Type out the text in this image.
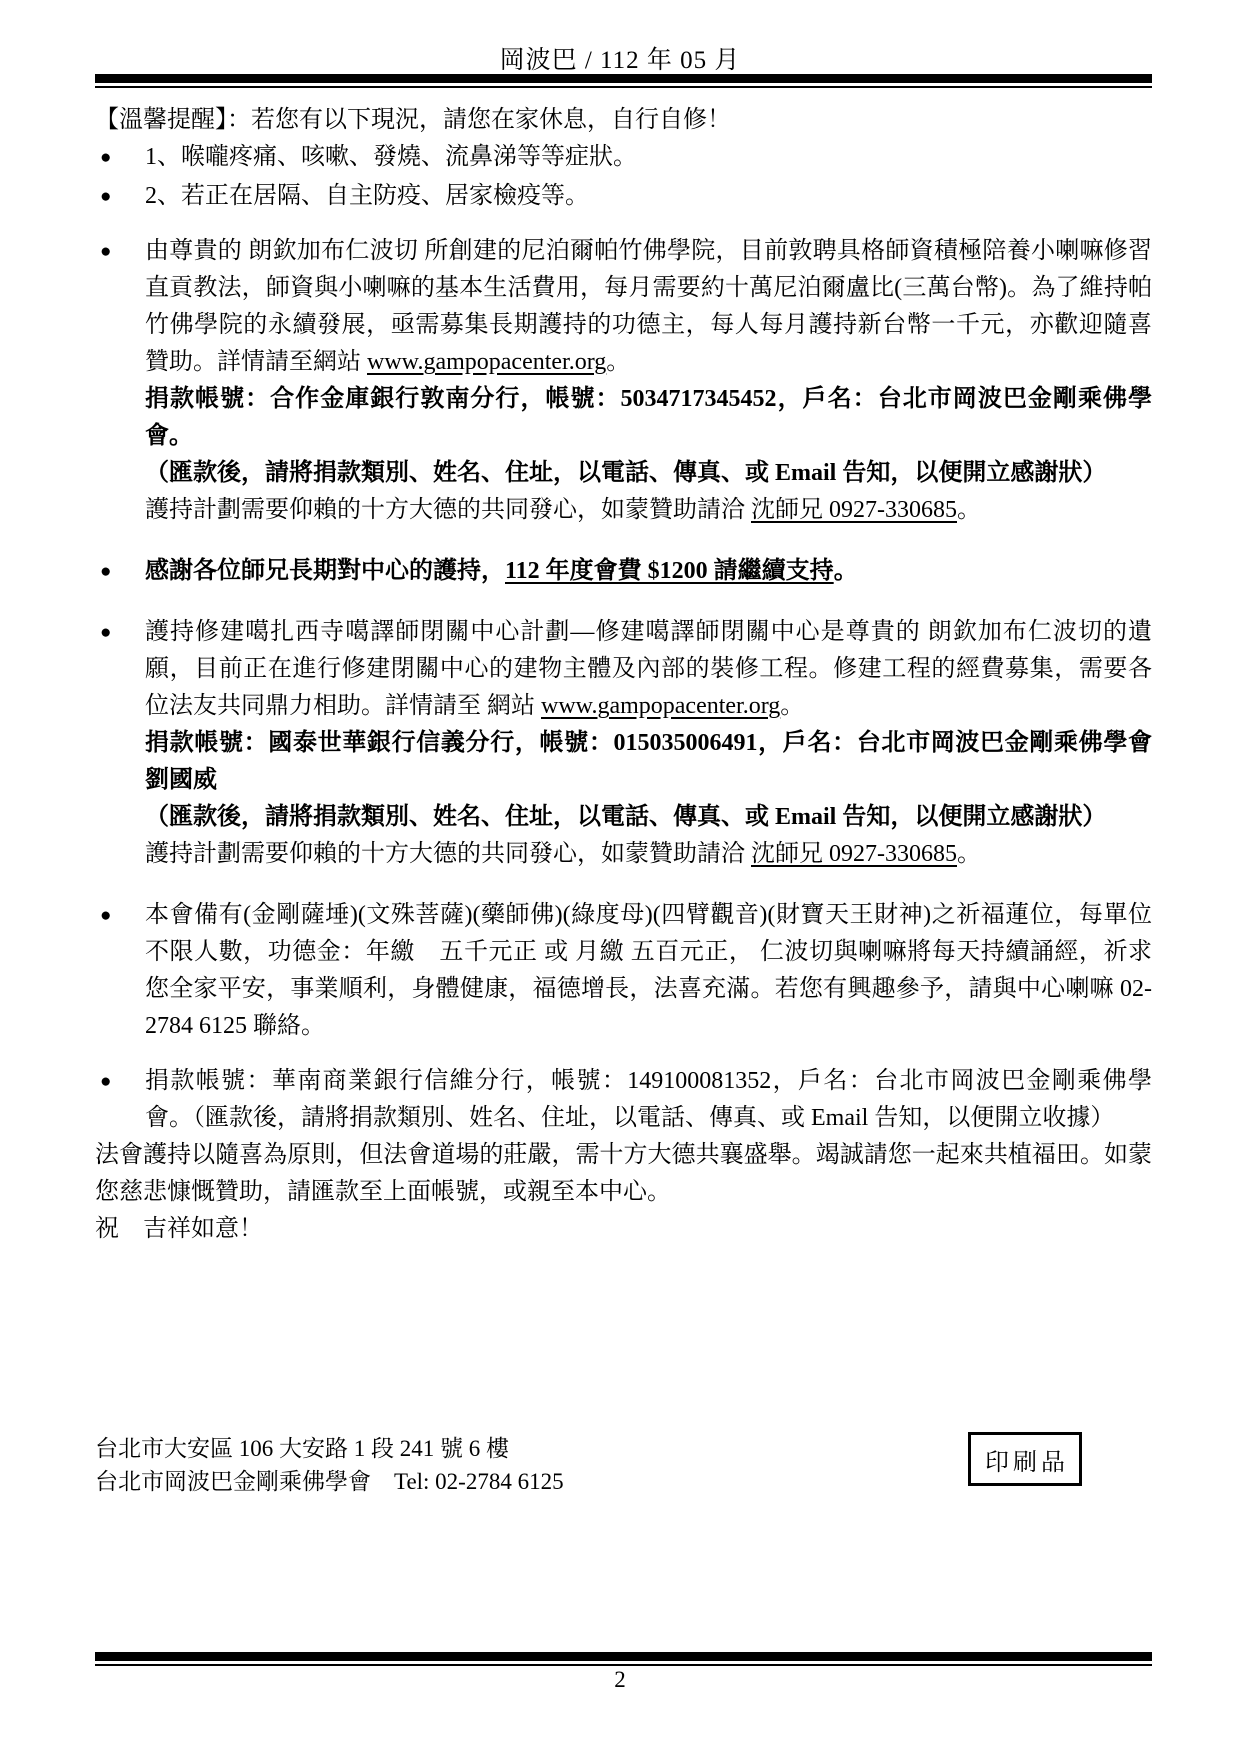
岡波巴 / 112 年 05 月

【溫馨提醒】：若您有以下現況，請您在家休息，自行自修！

●	1、喉嚨疼痛、咳嗽、發燒、流鼻涕等等症狀。

●	2、若正在居隔、自主防疫、居家檢疫等。

●	由尊貴的 朗欽加布仁波切 所創建的尼泊爾帕竹佛學院，目前敦聘具格師資積極陪養小喇嘛修習直貢教法，師資與小喇嘛的基本生活費用，每月需要約十萬尼泊爾盧比(三萬台幣)。為了維持帕竹佛學院的永續發展，亟需募集長期護持的功德主，每人每月護持新台幣一千元，亦歡迎隨喜贊助。詳情請至網站 www.gampopacenter.org。

捐款帳號：合作金庫銀行敦南分行，帳號：5034717345452，戶名：台北市岡波巴金剛乘佛學會。

（匯款後，請將捐款類別、姓名、住址，以電話、傳真、或 Email 告知，以便開立感謝狀）

護持計劃需要仰賴的十方大德的共同發心，如蒙贊助請洽 沈師兄 0927-330685。

●	感謝各位師兄長期對中心的護持，112 年度會費 $1200 請繼續支持。

●	護持修建噶扎西寺噶譯師閉關中心計劃—修建噶譯師閉關中心是尊貴的 朗欽加布仁波切的遺願，目前正在進行修建閉關中心的建物主體及內部的裝修工程。修建工程的經費募集，需要各位法友共同鼎力相助。詳情請至 網站 www.gampopacenter.org。

捐款帳號：國泰世華銀行信義分行，帳號：015035006491，戶名：台北市岡波巴金剛乘佛學會劉國威

（匯款後，請將捐款類別、姓名、住址，以電話、傳真、或 Email 告知，以便開立感謝狀）

護持計劃需要仰賴的十方大德的共同發心，如蒙贊助請洽 沈師兄 0927-330685。

●	本會備有(金剛薩埵)(文殊菩薩)(藥師佛)(綠度母)(四臂觀音)(財寶天王財神)之祈福蓮位，每單位不限人數，功德金：年繳　五千元正 或 月繳 五百元正， 仁波切與喇嘛將每天持續誦經，祈求您全家平安，事業順利，身體健康，福德增長，法喜充滿。若您有興趣參予，請與中心喇嘛 02-2784 6125 聯絡。

●	捐款帳號：華南商業銀行信維分行，帳號：149100081352，戶名：台北市岡波巴金剛乘佛學會。（匯款後，請將捐款類別、姓名、住址，以電話、傳真、或 Email 告知，以便開立收據）

法會護持以隨喜為原則，但法會道場的莊嚴，需十方大德共襄盛舉。竭誠請您一起來共植福田。如蒙您慈悲慷慨贊助，請匯款至上面帳號，或親至本中心。

祝　吉祥如意！

台北市大安區 106 大安路 1 段 241 號 6 樓
台北市岡波巴金剛乘佛學會　Tel: 02-2784 6125
印刷品
2
